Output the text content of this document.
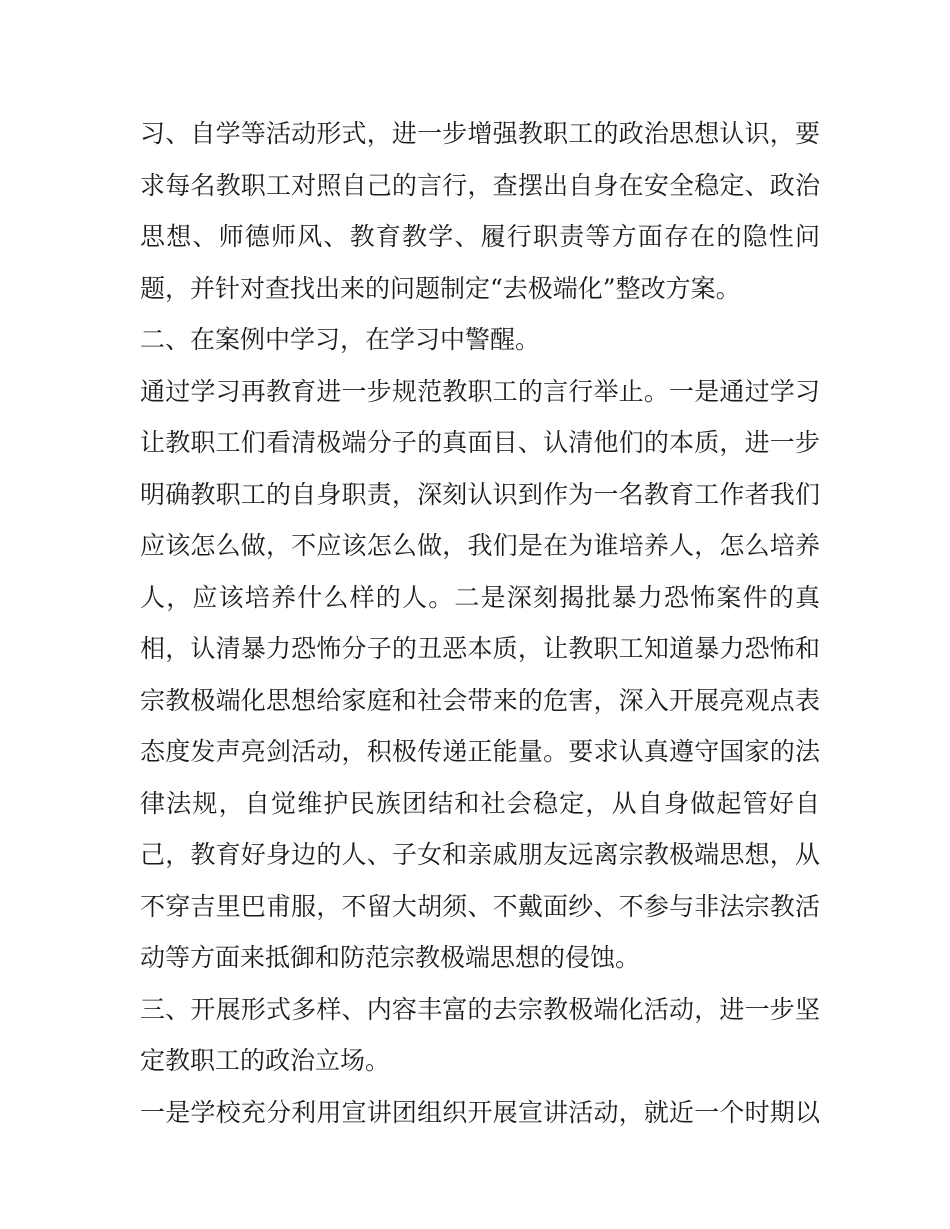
习、自学等活动形式，进一步增强教职工的政治思想认识，要
求每名教职工对照自己的言行，查摆出自身在安全稳定、政治
思想、师德师风、教育教学、履行职责等方面存在的隐性问
题，并针对查找出来的问题制定“去极端化”整改方案。
二、在案例中学习，在学习中警醒。
通过学习再教育进一步规范教职工的言行举止。一是通过学习
让教职工们看清极端分子的真面目、认清他们的本质，进一步
明确教职工的自身职责，深刻认识到作为一名教育工作者我们
应该怎么做，不应该怎么做，我们是在为谁培养人，怎么培养
人，应该培养什么样的人。二是深刻揭批暴力恐怖案件的真
相，认清暴力恐怖分子的丑恶本质，让教职工知道暴力恐怖和
宗教极端化思想给家庭和社会带来的危害，深入开展亮观点表
态度发声亮剑活动，积极传递正能量。要求认真遵守国家的法
律法规，自觉维护民族团结和社会稳定，从自身做起管好自
己，教育好身边的人、子女和亲戚朋友远离宗教极端思想，从
不穿吉里巴甫服，不留大胡须、不戴面纱、不参与非法宗教活
动等方面来抵御和防范宗教极端思想的侵蚀。
三、开展形式多样、内容丰富的去宗教极端化活动，进一步坚
定教职工的政治立场。
一是学校充分利用宣讲团组织开展宣讲活动，就近一个时期以
